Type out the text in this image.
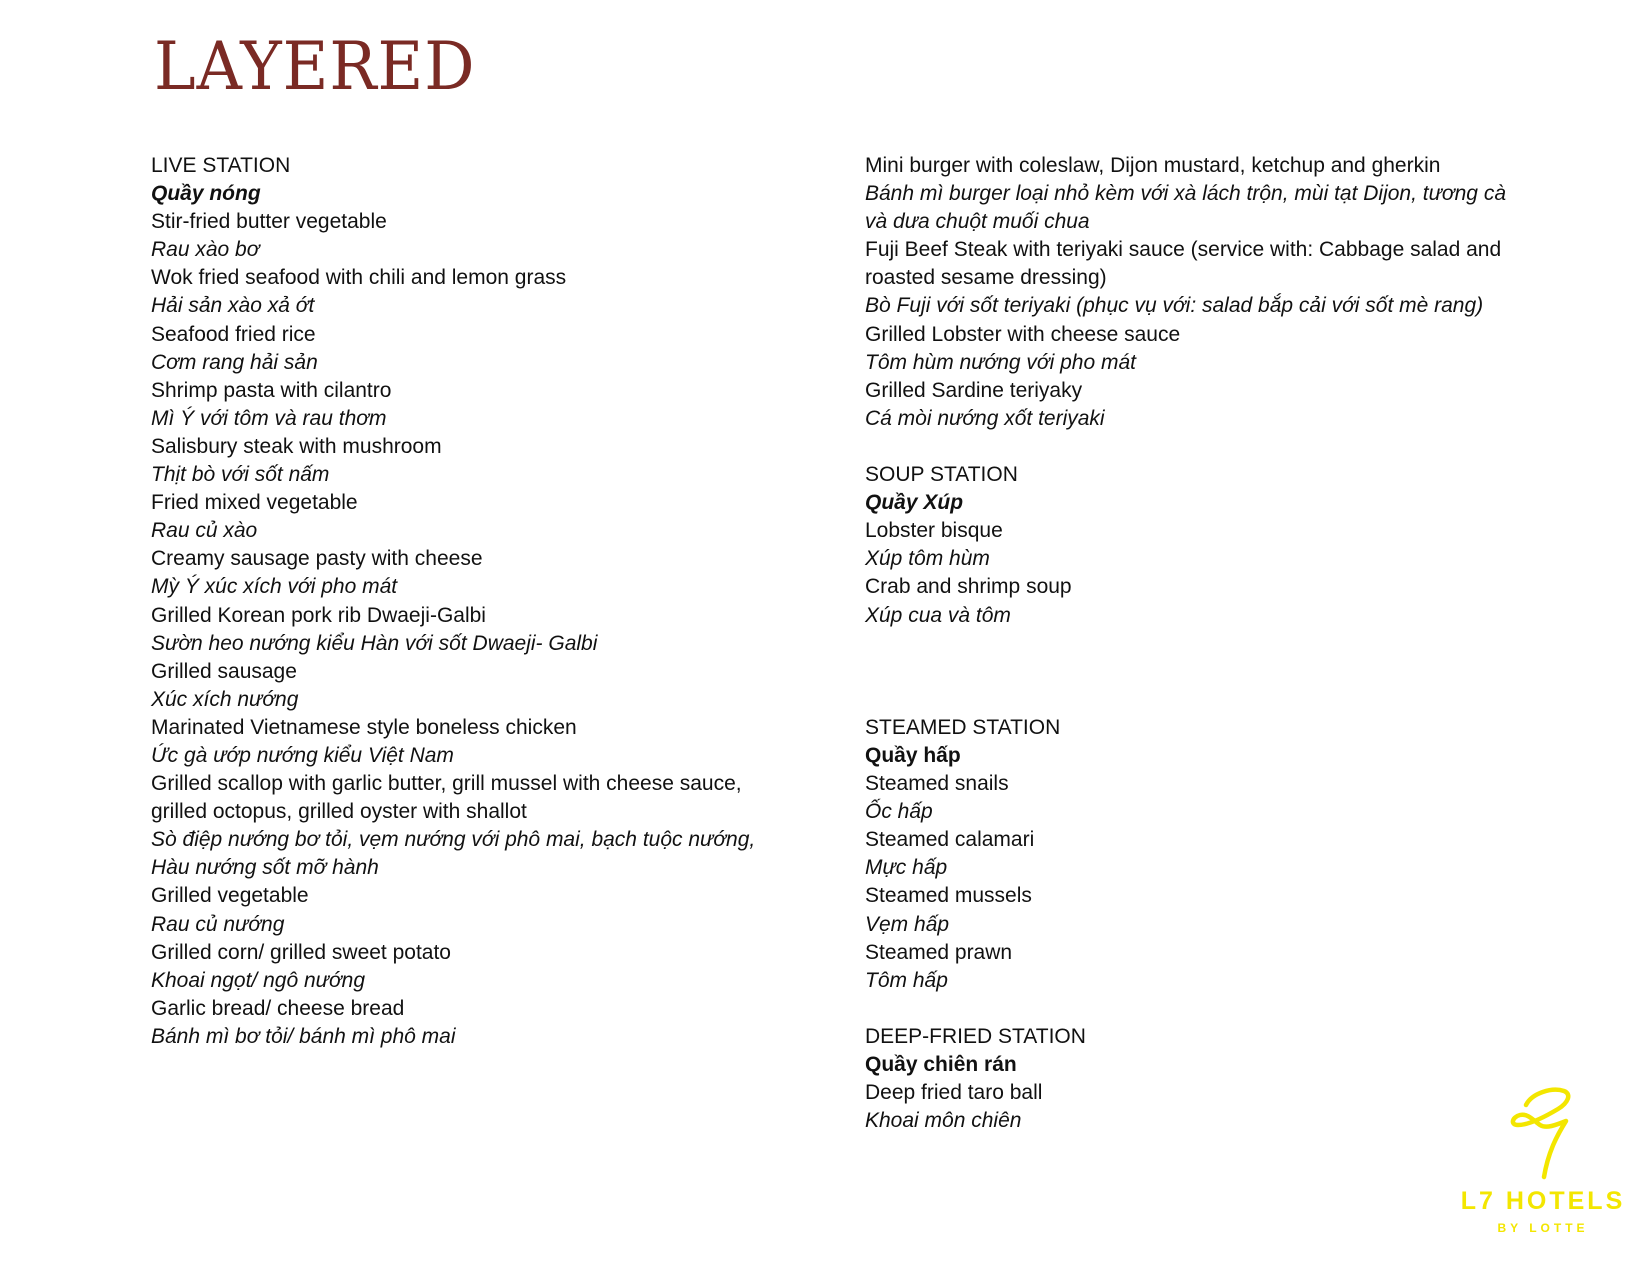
LAYERED
LIVE STATION
Quầy nóng
Stir-fried butter vegetable
Rau xào bơ
Wok fried seafood with chili and lemon grass
Hải sản xào xả ớt
Seafood fried rice
Cơm rang hải sản
Shrimp pasta with cilantro
Mì Ý với tôm và rau thơm
Salisbury steak with mushroom
Thịt bò với sốt nấm
Fried mixed vegetable
Rau củ xào
Creamy sausage pasty with cheese
Mỳ Ý xúc xích với pho mát
Grilled Korean pork rib Dwaeji-Galbi
Sườn heo nướng kiểu Hàn với sốt Dwaeji- Galbi
Grilled sausage
Xúc xích nướng
Marinated Vietnamese style boneless chicken
Ức gà ướp nướng kiểu Việt Nam
Grilled scallop with garlic butter, grill mussel with cheese sauce,
grilled octopus, grilled oyster with shallot
Sò điệp nướng bơ tỏi, vẹm nướng với phô mai, bạch tuộc nướng,
Hàu nướng sốt mỡ hành
Grilled vegetable
Rau củ nướng
Grilled corn/ grilled sweet potato
Khoai ngọt/ ngô nướng
Garlic bread/ cheese bread
Bánh mì bơ tỏi/ bánh mì phô mai
Mini burger with coleslaw, Dijon mustard, ketchup and gherkin
Bánh mì burger loại nhỏ kèm với xà lách trộn, mùi tạt Dijon, tương cà
và dưa chuột muối chua
Fuji Beef Steak with teriyaki sauce (service with: Cabbage salad and
roasted sesame dressing)
Bò Fuji với sốt teriyaki (phục vụ với: salad bắp cải với sốt mè rang)
Grilled Lobster with cheese sauce
Tôm hùm nướng với pho mát
Grilled Sardine teriyaky
Cá mòi nướng xốt teriyaki
SOUP STATION
Quầy Xúp
Lobster bisque
Xúp tôm hùm
Crab and shrimp soup
Xúp cua và tôm
STEAMED STATION
Quầy hấp
Steamed snails
Ốc hấp
Steamed calamari
Mực hấp
Steamed mussels
Vẹm hấp
Steamed prawn
Tôm hấp
DEEP-FRIED STATION
Quầy chiên rán
Deep fried taro ball
Khoai môn chiên
L7 HOTELS
BY LOTTE
